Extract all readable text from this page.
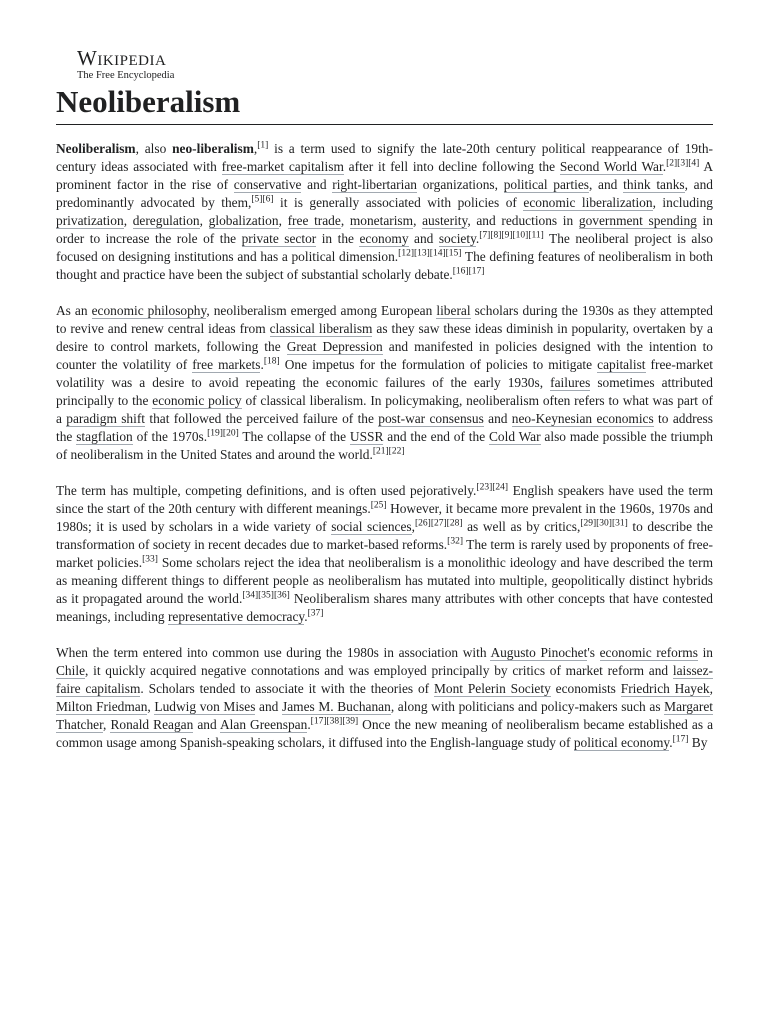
Wikipedia
The Free Encyclopedia
Neoliberalism

Neoliberalism, also neo-liberalism,[1] is a term used to signify the late-20th century political reappearance of 19th-century ideas associated with free-market capitalism after it fell into decline following the Second World War.[2][3][4] A prominent factor in the rise of conservative and right-libertarian organizations, political parties, and think tanks, and predominantly advocated by them,[5][6] it is generally associated with policies of economic liberalization, including privatization, deregulation, globalization, free trade, monetarism, austerity, and reductions in government spending in order to increase the role of the private sector in the economy and society.[7][8][9][10][11] The neoliberal project is also focused on designing institutions and has a political dimension.[12][13][14][15] The defining features of neoliberalism in both thought and practice have been the subject of substantial scholarly debate.[16][17]

As an economic philosophy, neoliberalism emerged among European liberal scholars during the 1930s as they attempted to revive and renew central ideas from classical liberalism as they saw these ideas diminish in popularity, overtaken by a desire to control markets, following the Great Depression and manifested in policies designed with the intention to counter the volatility of free markets.[18] One impetus for the formulation of policies to mitigate capitalist free-market volatility was a desire to avoid repeating the economic failures of the early 1930s, failures sometimes attributed principally to the economic policy of classical liberalism. In policymaking, neoliberalism often refers to what was part of a paradigm shift that followed the perceived failure of the post-war consensus and neo-Keynesian economics to address the stagflation of the 1970s.[19][20] The collapse of the USSR and the end of the Cold War also made possible the triumph of neoliberalism in the United States and around the world.[21][22]

The term has multiple, competing definitions, and is often used pejoratively.[23][24] English speakers have used the term since the start of the 20th century with different meanings.[25] However, it became more prevalent in the 1960s, 1970s and 1980s; it is used by scholars in a wide variety of social sciences,[26][27][28] as well as by critics,[29][30][31] to describe the transformation of society in recent decades due to market-based reforms.[32] The term is rarely used by proponents of free-market policies.[33] Some scholars reject the idea that neoliberalism is a monolithic ideology and have described the term as meaning different things to different people as neoliberalism has mutated into multiple, geopolitically distinct hybrids as it propagated around the world.[34][35][36] Neoliberalism shares many attributes with other concepts that have contested meanings, including representative democracy.[37]

When the term entered into common use during the 1980s in association with Augusto Pinochet's economic reforms in Chile, it quickly acquired negative connotations and was employed principally by critics of market reform and laissez-faire capitalism. Scholars tended to associate it with the theories of Mont Pelerin Society economists Friedrich Hayek, Milton Friedman, Ludwig von Mises and James M. Buchanan, along with politicians and policy-makers such as Margaret Thatcher, Ronald Reagan and Alan Greenspan.[17][38][39] Once the new meaning of neoliberalism became established as a common usage among Spanish-speaking scholars, it diffused into the English-language study of political economy.[17] By
